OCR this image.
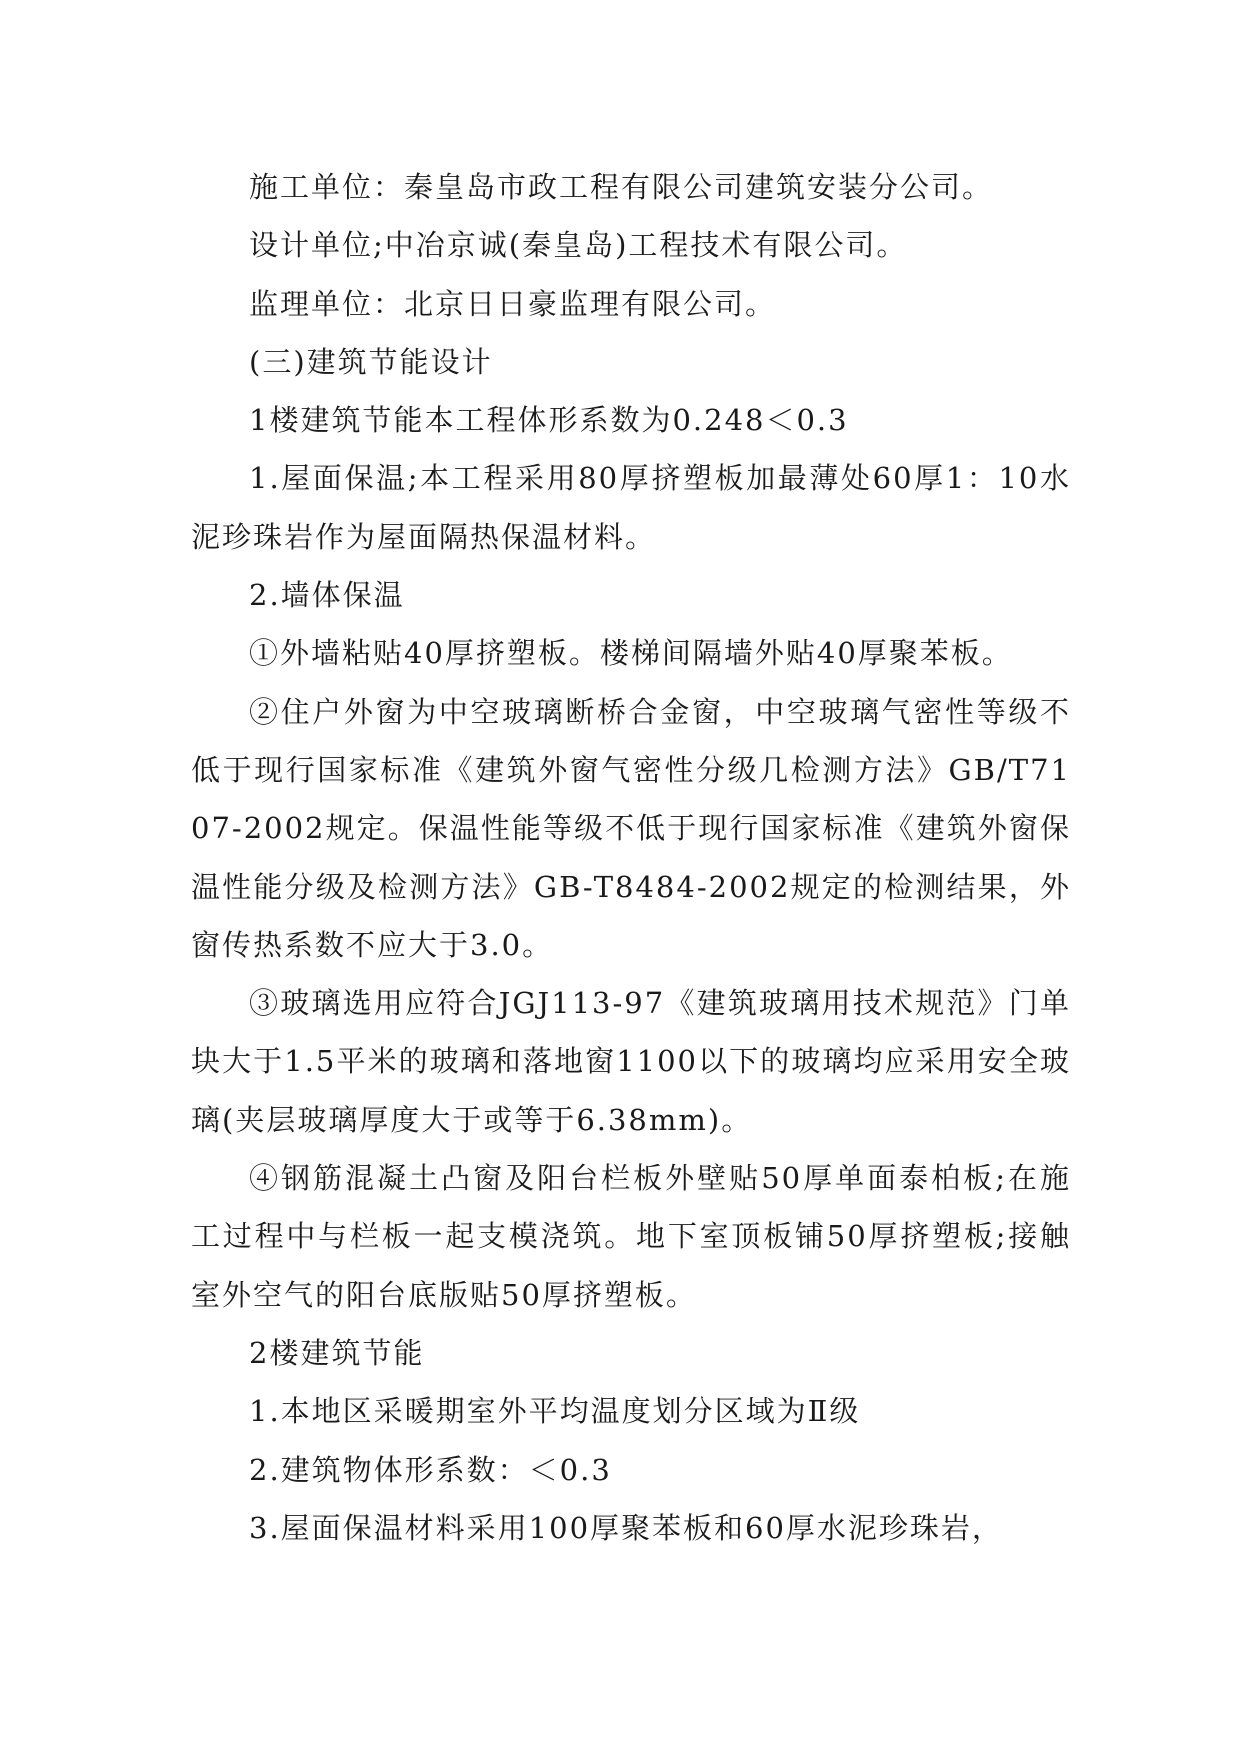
施工单位：秦皇岛市政工程有限公司建筑安装分公司。

设计单位;中冶京诚(秦皇岛)工程技术有限公司。

监理单位：北京日日豪监理有限公司。

(三)建筑节能设计

1楼建筑节能本工程体形系数为0.248＜0.3

1.屋面保温;本工程采用80厚挤塑板加最薄处60厚1：10水泥珍珠岩作为屋面隔热保温材料。

2.墙体保温

①外墙粘贴40厚挤塑板。楼梯间隔墙外贴40厚聚苯板。

②住户外窗为中空玻璃断桥合金窗，中空玻璃气密性等级不低于现行国家标准《建筑外窗气密性分级几检测方法》GB/T7107-2002规定。保温性能等级不低于现行国家标准《建筑外窗保温性能分级及检测方法》GB-T8484-2002规定的检测结果，外窗传热系数不应大于3.0。

③玻璃选用应符合JGJ113-97《建筑玻璃用技术规范》门单块大于1.5平米的玻璃和落地窗1100以下的玻璃均应采用安全玻璃(夹层玻璃厚度大于或等于6.38mm)。

④钢筋混凝土凸窗及阳台栏板外壁贴50厚单面泰柏板;在施工过程中与栏板一起支模浇筑。地下室顶板铺50厚挤塑板;接触室外空气的阳台底版贴50厚挤塑板。

2楼建筑节能

1.本地区采暖期室外平均温度划分区域为Ⅱ级

2.建筑物体形系数：＜0.3

3.屋面保温材料采用100厚聚苯板和60厚水泥珍珠岩，
